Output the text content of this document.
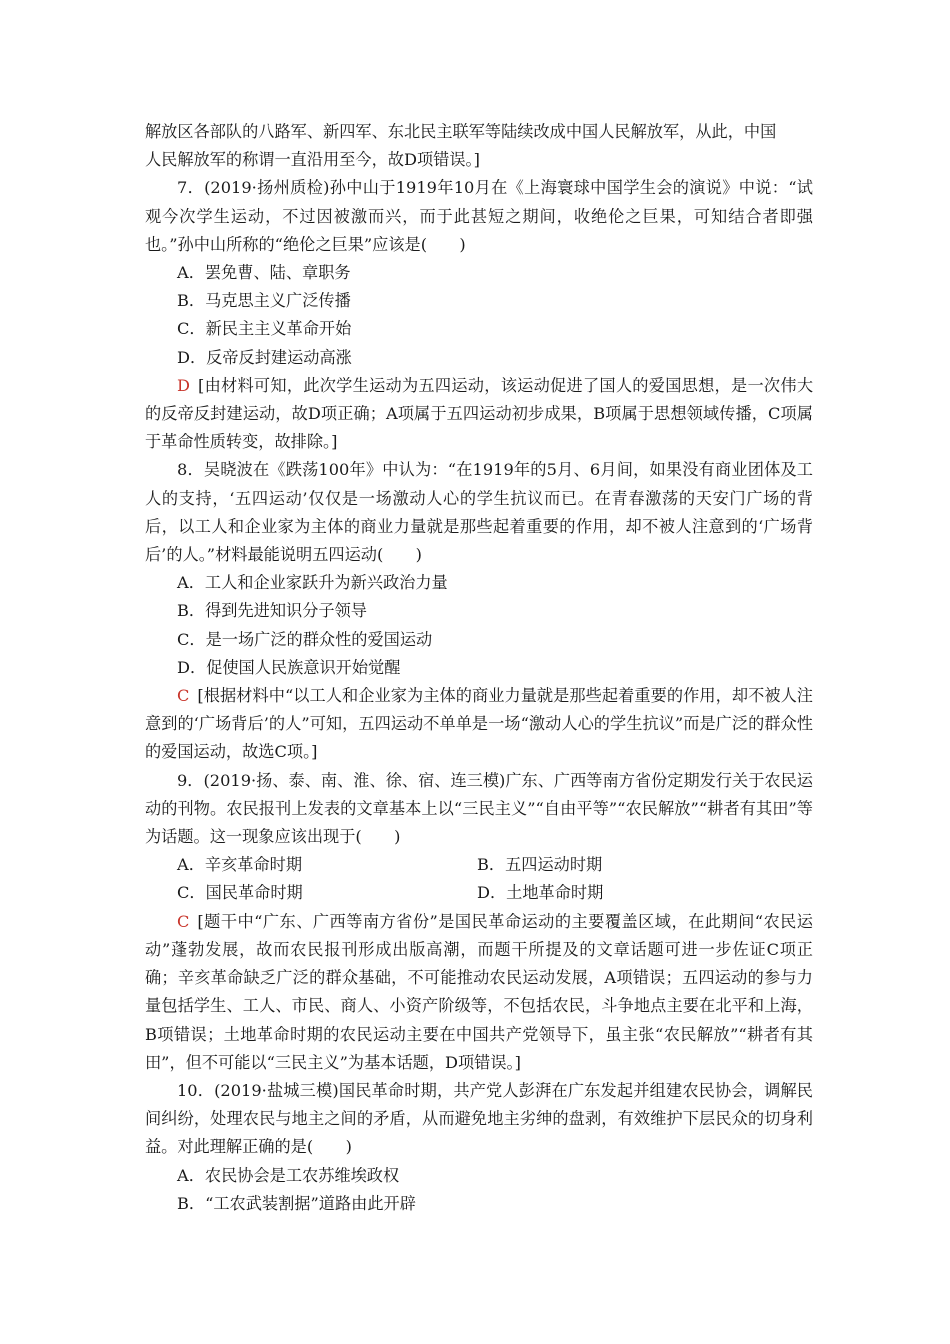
解放区各部队的八路军、新四军、东北民主联军等陆续改成中国人民解放军，从此，中国

人民解放军的称谓一直沿用至今，故D项错误。]

7．(2019·扬州质检)孙中山于1919年10月在《上海寰球中国学生会的演说》中说：“试观今次学生运动，不过因被激而兴，而于此甚短之期间，收绝伦之巨果，可知结合者即强也。”孙中山所称的“绝伦之巨果”应该是(　　)

A．罢免曹、陆、章职务

B．马克思主义广泛传播

C．新民主主义革命开始

D．反帝反封建运动高涨

D [由材料可知，此次学生运动为五四运动，该运动促进了国人的爱国思想，是一次伟大的反帝反封建运动，故D项正确；A项属于五四运动初步成果，B项属于思想领域传播，C项属于革命性质转变，故排除。]

8．吴晓波在《跌荡100年》中认为：“在1919年的5月、6月间，如果没有商业团体及工人的支持，‘五四运动’仅仅是一场激动人心的学生抗议而已。在青春激荡的天安门广场的背后，以工人和企业家为主体的商业力量就是那些起着重要的作用，却不被人注意到的‘广场背后’的人。”材料最能说明五四运动(　　)

A．工人和企业家跃升为新兴政治力量

B．得到先进知识分子领导

C．是一场广泛的群众性的爱国运动

D．促使国人民族意识开始觉醒

C [根据材料中“以工人和企业家为主体的商业力量就是那些起着重要的作用，却不被人注意到的‘广场背后’的人”可知，五四运动不单单是一场“激动人心的学生抗议”而是广泛的群众性的爱国运动，故选C项。]

9．(2019·扬、泰、南、淮、徐、宿、连三模)广东、广西等南方省份定期发行关于农民运动的刊物。农民报刊上发表的文章基本上以“三民主义”“自由平等”“农民解放”“耕者有其田”等为话题。这一现象应该出现于(　　)

A．辛亥革命时期	B．五四运动时期
C．国民革命时期	D．土地革命时期

C [题干中“广东、广西等南方省份”是国民革命运动的主要覆盖区域，在此期间“农民运动”蓬勃发展，故而农民报刊形成出版高潮，而题干所提及的文章话题可进一步佐证C项正确；辛亥革命缺乏广泛的群众基础，不可能推动农民运动发展，A项错误；五四运动的参与力量包括学生、工人、市民、商人、小资产阶级等，不包括农民，斗争地点主要在北平和上海，B项错误；土地革命时期的农民运动主要在中国共产党领导下，虽主张“农民解放”“耕者有其田”，但不可能以“三民主义”为基本话题，D项错误。]

10．(2019·盐城三模)国民革命时期，共产党人彭湃在广东发起并组建农民协会，调解民间纠纷，处理农民与地主之间的矛盾，从而避免地主劣绅的盘剥，有效维护下层民众的切身利益。对此理解正确的是(　　)

A．农民协会是工农苏维埃政权

B．“工农武装割据”道路由此开辟
